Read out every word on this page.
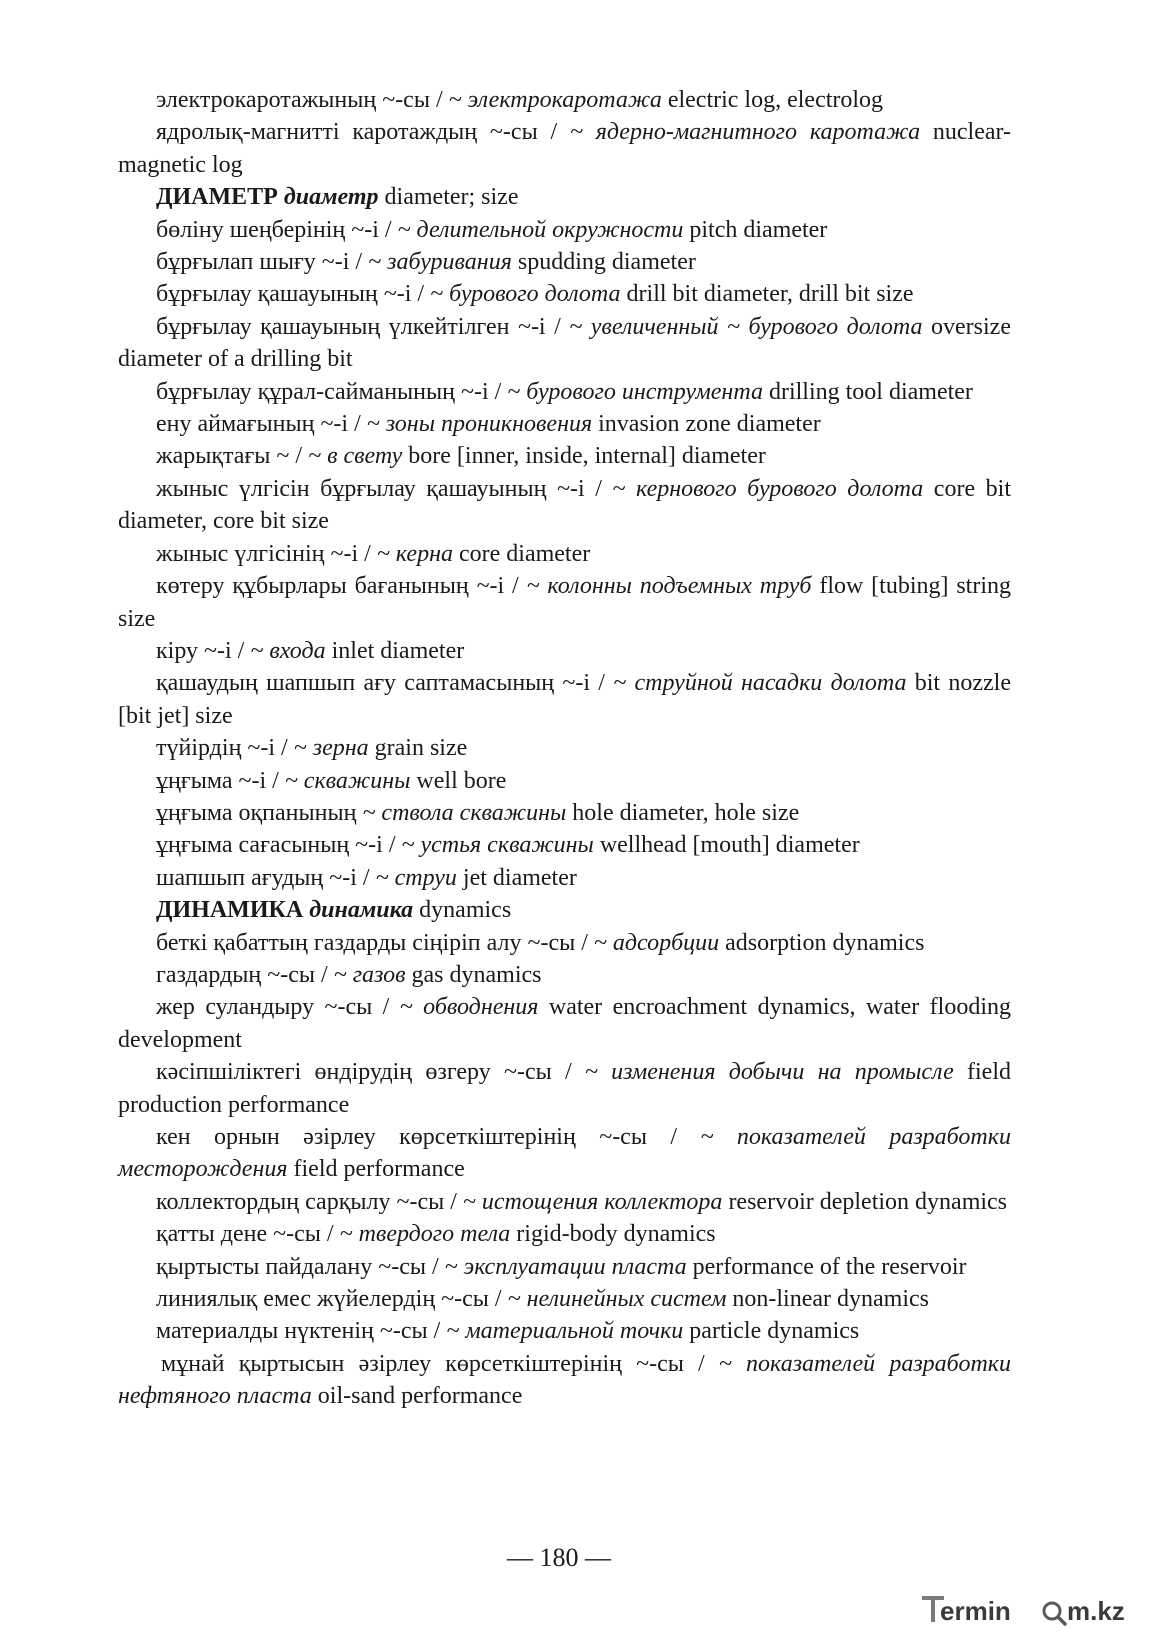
электрокаротажының ~-сы / ~ электрокаротажа electric log, electrolog

ядролық-магнитті каротаждың ~-сы / ~ ядерно-магнитного каротажа nuclear-magnetic log

ДИАМЕТР диаметр diameter; size

бөліну шеңберінің ~-і / ~ делительной окружности pitch diameter

бұрғылап шығу ~-і / ~ забуривания spudding diameter

бұрғылау қашауының ~-і / ~ бурового долота drill bit diameter, drill bit size

бұрғылау қашауының үлкейтілген ~-і / ~ увеличенный ~ бурового долота oversize diameter of a drilling bit

бұрғылау құрал-сайманының ~-і / ~ бурового инструмента drilling tool diameter

ену аймағының ~-і / ~ зоны проникновения invasion zone diameter

жарықтағы ~ / ~ в свету bore [inner, inside, internal] diameter

жыныс үлгісін бұрғылау қашауының ~-і / ~ кернового бурового долота core bit diameter, core bit size

жыныс үлгісінің ~-і / ~ керна core diameter

көтеру құбырлары бағанының ~-і / ~ колонны подъемных труб flow [tubing] string size

кіру ~-і / ~ входа inlet diameter

қашаудың шапшып ағу саптамасының ~-і / ~ струйной насадки долота bit nozzle [bit jet] size

түйірдің ~-і / ~ зерна grain size

ұңғыма ~-і / ~ скважины well bore

ұңғыма оқпанының ~ ствола скважины hole diameter, hole size

ұңғыма сағасының ~-і / ~ устья скважины wellhead [mouth] diameter

шапшып ағудың ~-і / ~ струи jet diameter

ДИНАМИКА динамика dynamics

беткі қабаттың газдарды сіңіріп алу ~-сы / ~ адсорбции adsorption dynamics

газдардың ~-сы / ~ газов gas dynamics

жер суландыру ~-сы / ~ обводнения water encroachment dynamics, water flooding development

кәсіпшіліктегі өндірудің өзгеру ~-сы / ~ изменения добычи на промысле field production performance

кен орнын әзірлеу көрсеткіштерінің ~-сы / ~ показателей разработки месторождения field performance

коллектордың сарқылу ~-сы / ~ истощения коллектора reservoir depletion dynamics

қатты дене ~-сы / ~ твердого тела rigid-body dynamics

қыртысты пайдалану ~-сы / ~ эксплуатации пласта performance of the reservoir

линиялық емес жүйелердің ~-сы / ~ нелинейных систем non-linear dynamics

материалды нүктенің ~-сы / ~ материальной точки particle dynamics

мұнай қыртысын әзірлеу көрсеткіштерінің ~-сы / ~ показателей разработки нефтяного пласта oil-sand performance

— 180 —
ermin m.kz
